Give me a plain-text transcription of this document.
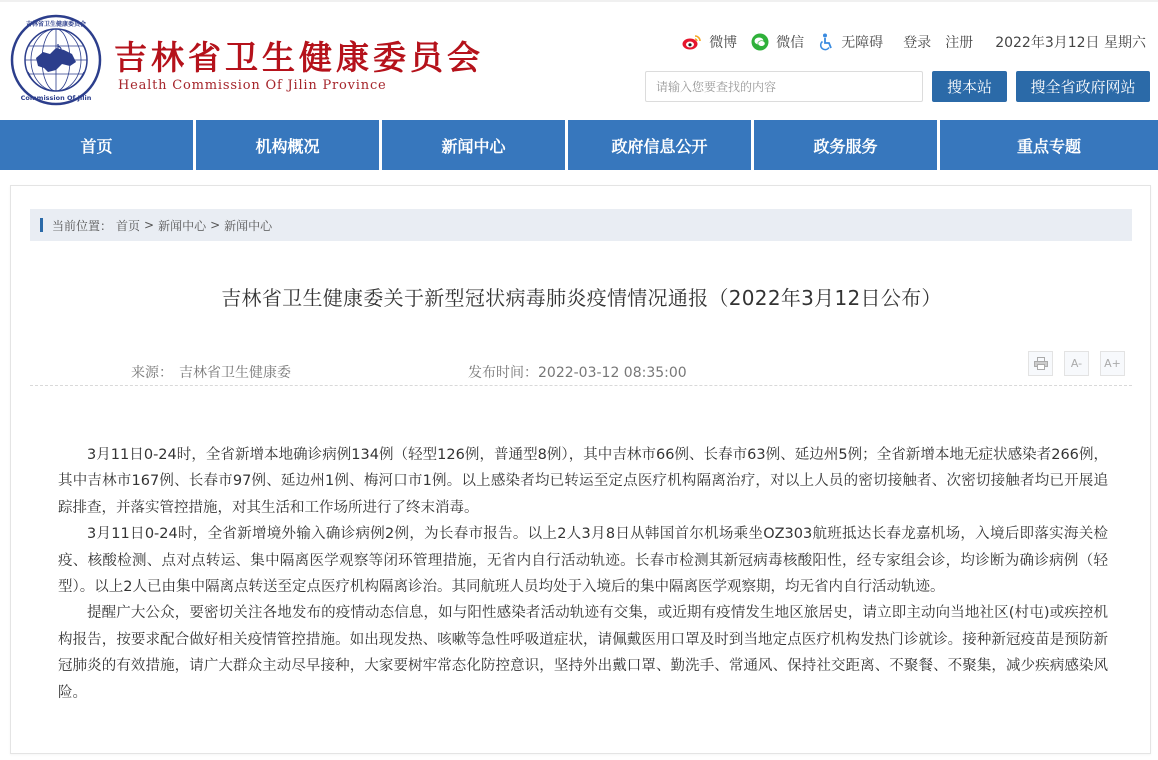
吉林省卫生健康委员会
Commission Of Jilin
吉林省卫生健康委员会
Health Commission Of Jilin Province
微博	微信	无障碍 登录 注册 2022年3月12日 星期六
请输入您要查找的内容
搜本站	搜全省政府网站
首页	机构概况	新闻中心	政府信息公开	政务服务	重点专题
当前位置： 首页 > 新闻中心 > 新闻中心
吉林省卫生健康委关于新型冠状病毒肺炎疫情情况通报（2022年3月12日公布）
来源： 吉林省卫生健康委	发布时间：2022-03-12 08:35:00
A-	A+

3月11日0-24时，全省新增本地确诊病例134例（轻型126例，普通型8例），其中吉林市66例、长春市63例、延边州5例；全省新增本地无症状感染者266例，其中吉林市167例、长春市97例、延边州1例、梅河口市1例。以上感染者均已转运至定点医疗机构隔离治疗，对以上人员的密切接触者、次密切接触者均已开展追踪排查，并落实管控措施，对其生活和工作场所进行了终末消毒。

3月11日0-24时，全省新增境外输入确诊病例2例，为长春市报告。以上2人3月8日从韩国首尔机场乘坐OZ303航班抵达长春龙嘉机场，入境后即落实海关检疫、核酸检测、点对点转运、集中隔离医学观察等闭环管理措施，无省内自行活动轨迹。长春市检测其新冠病毒核酸阳性，经专家组会诊，均诊断为确诊病例（轻型）。以上2人已由集中隔离点转送至定点医疗机构隔离诊治。其同航班人员均处于入境后的集中隔离医学观察期，均无省内自行活动轨迹。

提醒广大公众，要密切关注各地发布的疫情动态信息，如与阳性感染者活动轨迹有交集，或近期有疫情发生地区旅居史，请立即主动向当地社区(村屯)或疾控机构报告，按要求配合做好相关疫情管控措施。如出现发热、咳嗽等急性呼吸道症状，请佩戴医用口罩及时到当地定点医疗机构发热门诊就诊。接种新冠疫苗是预防新冠肺炎的有效措施，请广大群众主动尽早接种，大家要树牢常态化防控意识，坚持外出戴口罩、勤洗手、常通风、保持社交距离、不聚餐、不聚集，减少疾病感染风险。
